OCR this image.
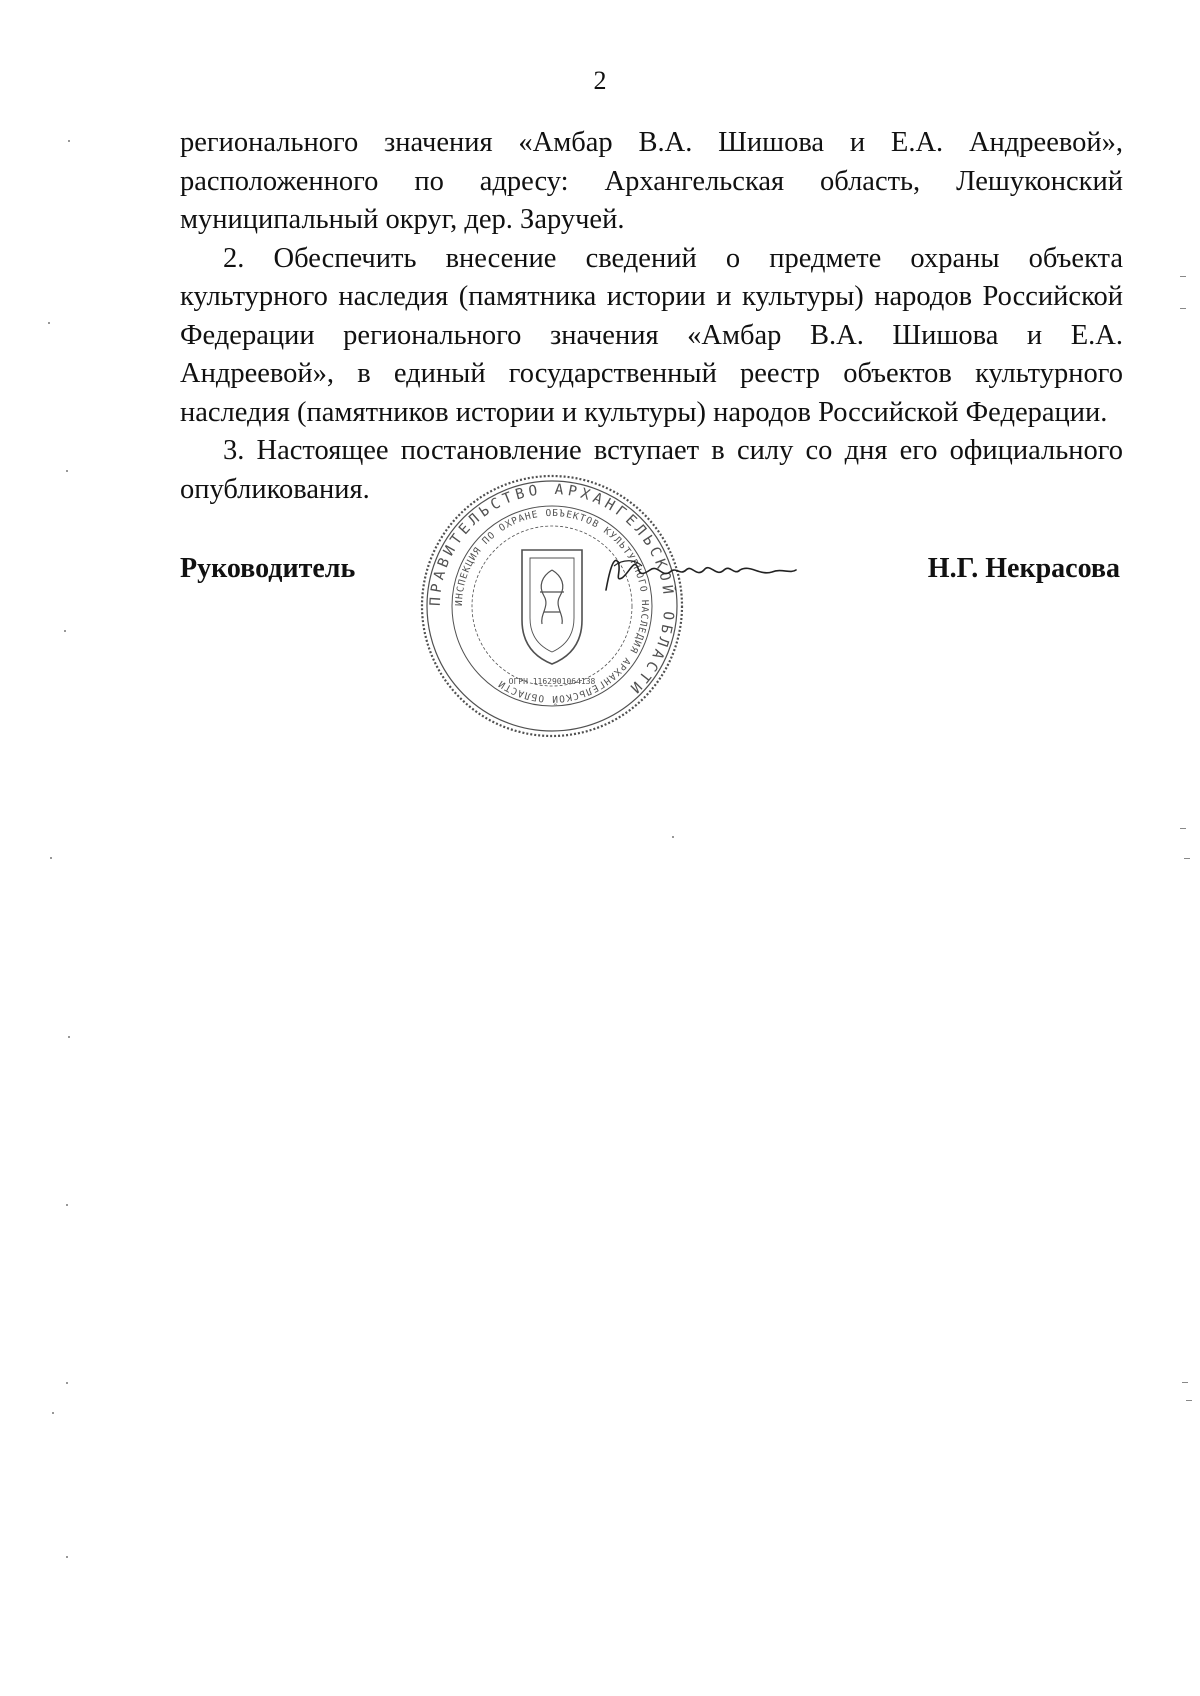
2

регионального значения «Амбар В.А. Шишова и Е.А. Андреевой», расположенного по адресу: Архангельская область, Лешуконский муниципальный округ, дер. Заручей.

2. Обеспечить внесение сведений о предмете охраны объекта культурного наследия (памятника истории и культуры) народов Российской Федерации регионального значения «Амбар В.А. Шишова и Е.А. Андреевой», в единый государственный реестр объектов культурного наследия (памятников истории и культуры) народов Российской Федерации.

3. Настоящее постановление вступает в силу со дня его официального опубликования.

Руководитель
ПРАВИТЕЛЬСТВО АРХАНГЕЛЬСКОЙ ОБЛАСТИ
ИНСПЕКЦИЯ ПО ОХРАНЕ ОБЪЕКТОВ КУЛЬТУРНОГО НАСЛЕДИЯ АРХАНГЕЛЬСКОЙ ОБЛАСТИ ОГРН 1162901064138
Н.Г. Некрасова
